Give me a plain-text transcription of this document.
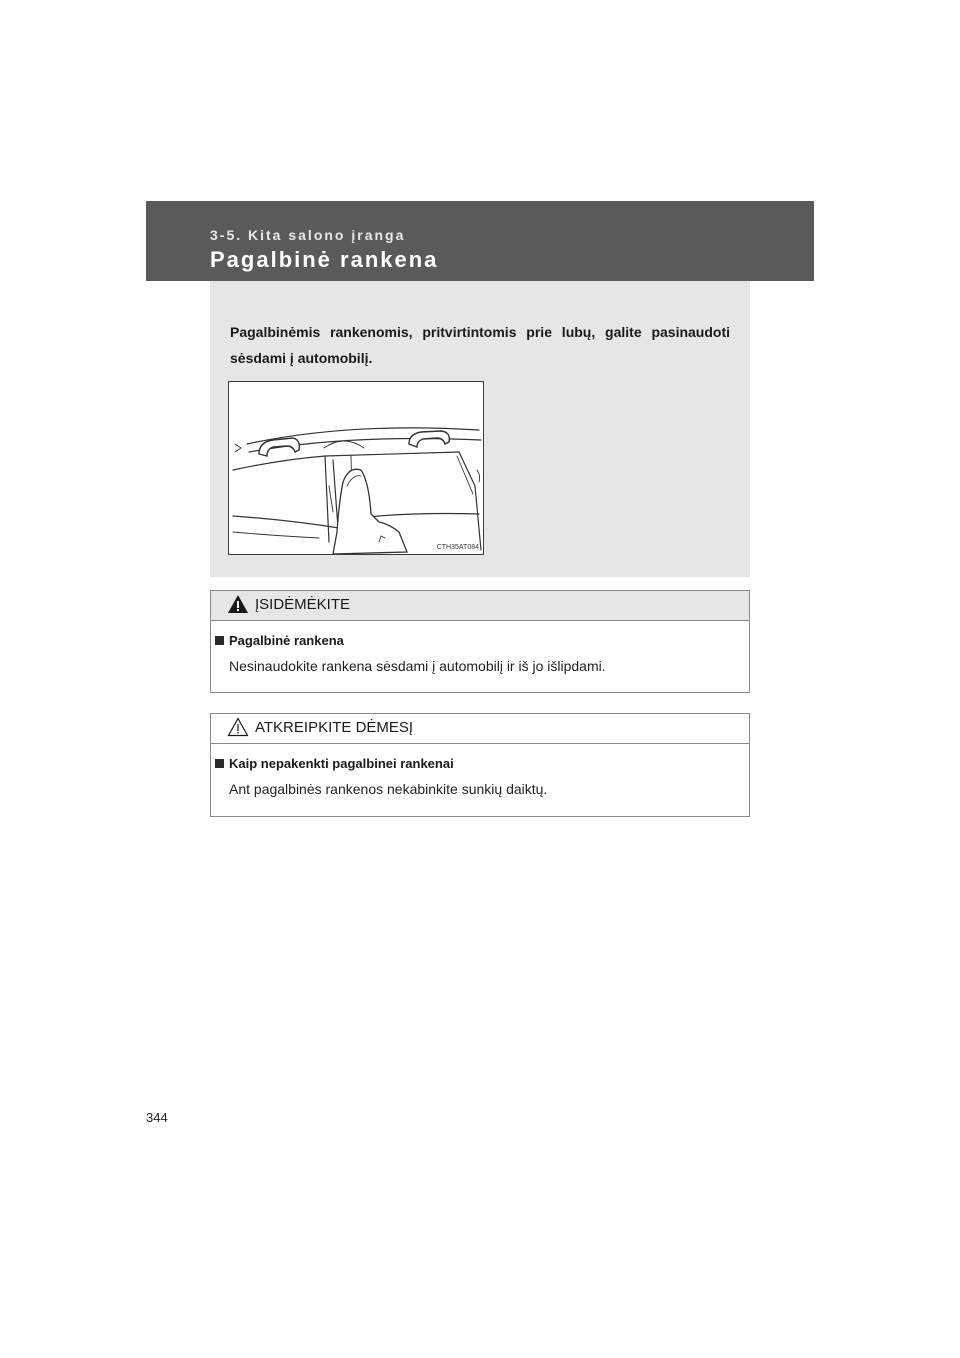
3-5. Kita salono įranga
Pagalbinė rankena
Pagalbinėmis rankenomis, pritvirtintomis prie lubų, galite pasinaudoti sėsdami į automobilį.
CTH35AT084
ĮSIDĖMĖKITE
Pagalbinė rankena
Nesinaudokite rankena sėsdami į automobilį ir iš jo išlipdami.
ATKREIPKITE DĖMESĮ
Kaip nepakenkti pagalbinei rankenai
Ant pagalbinės rankenos nekabinkite sunkių daiktų.
344
